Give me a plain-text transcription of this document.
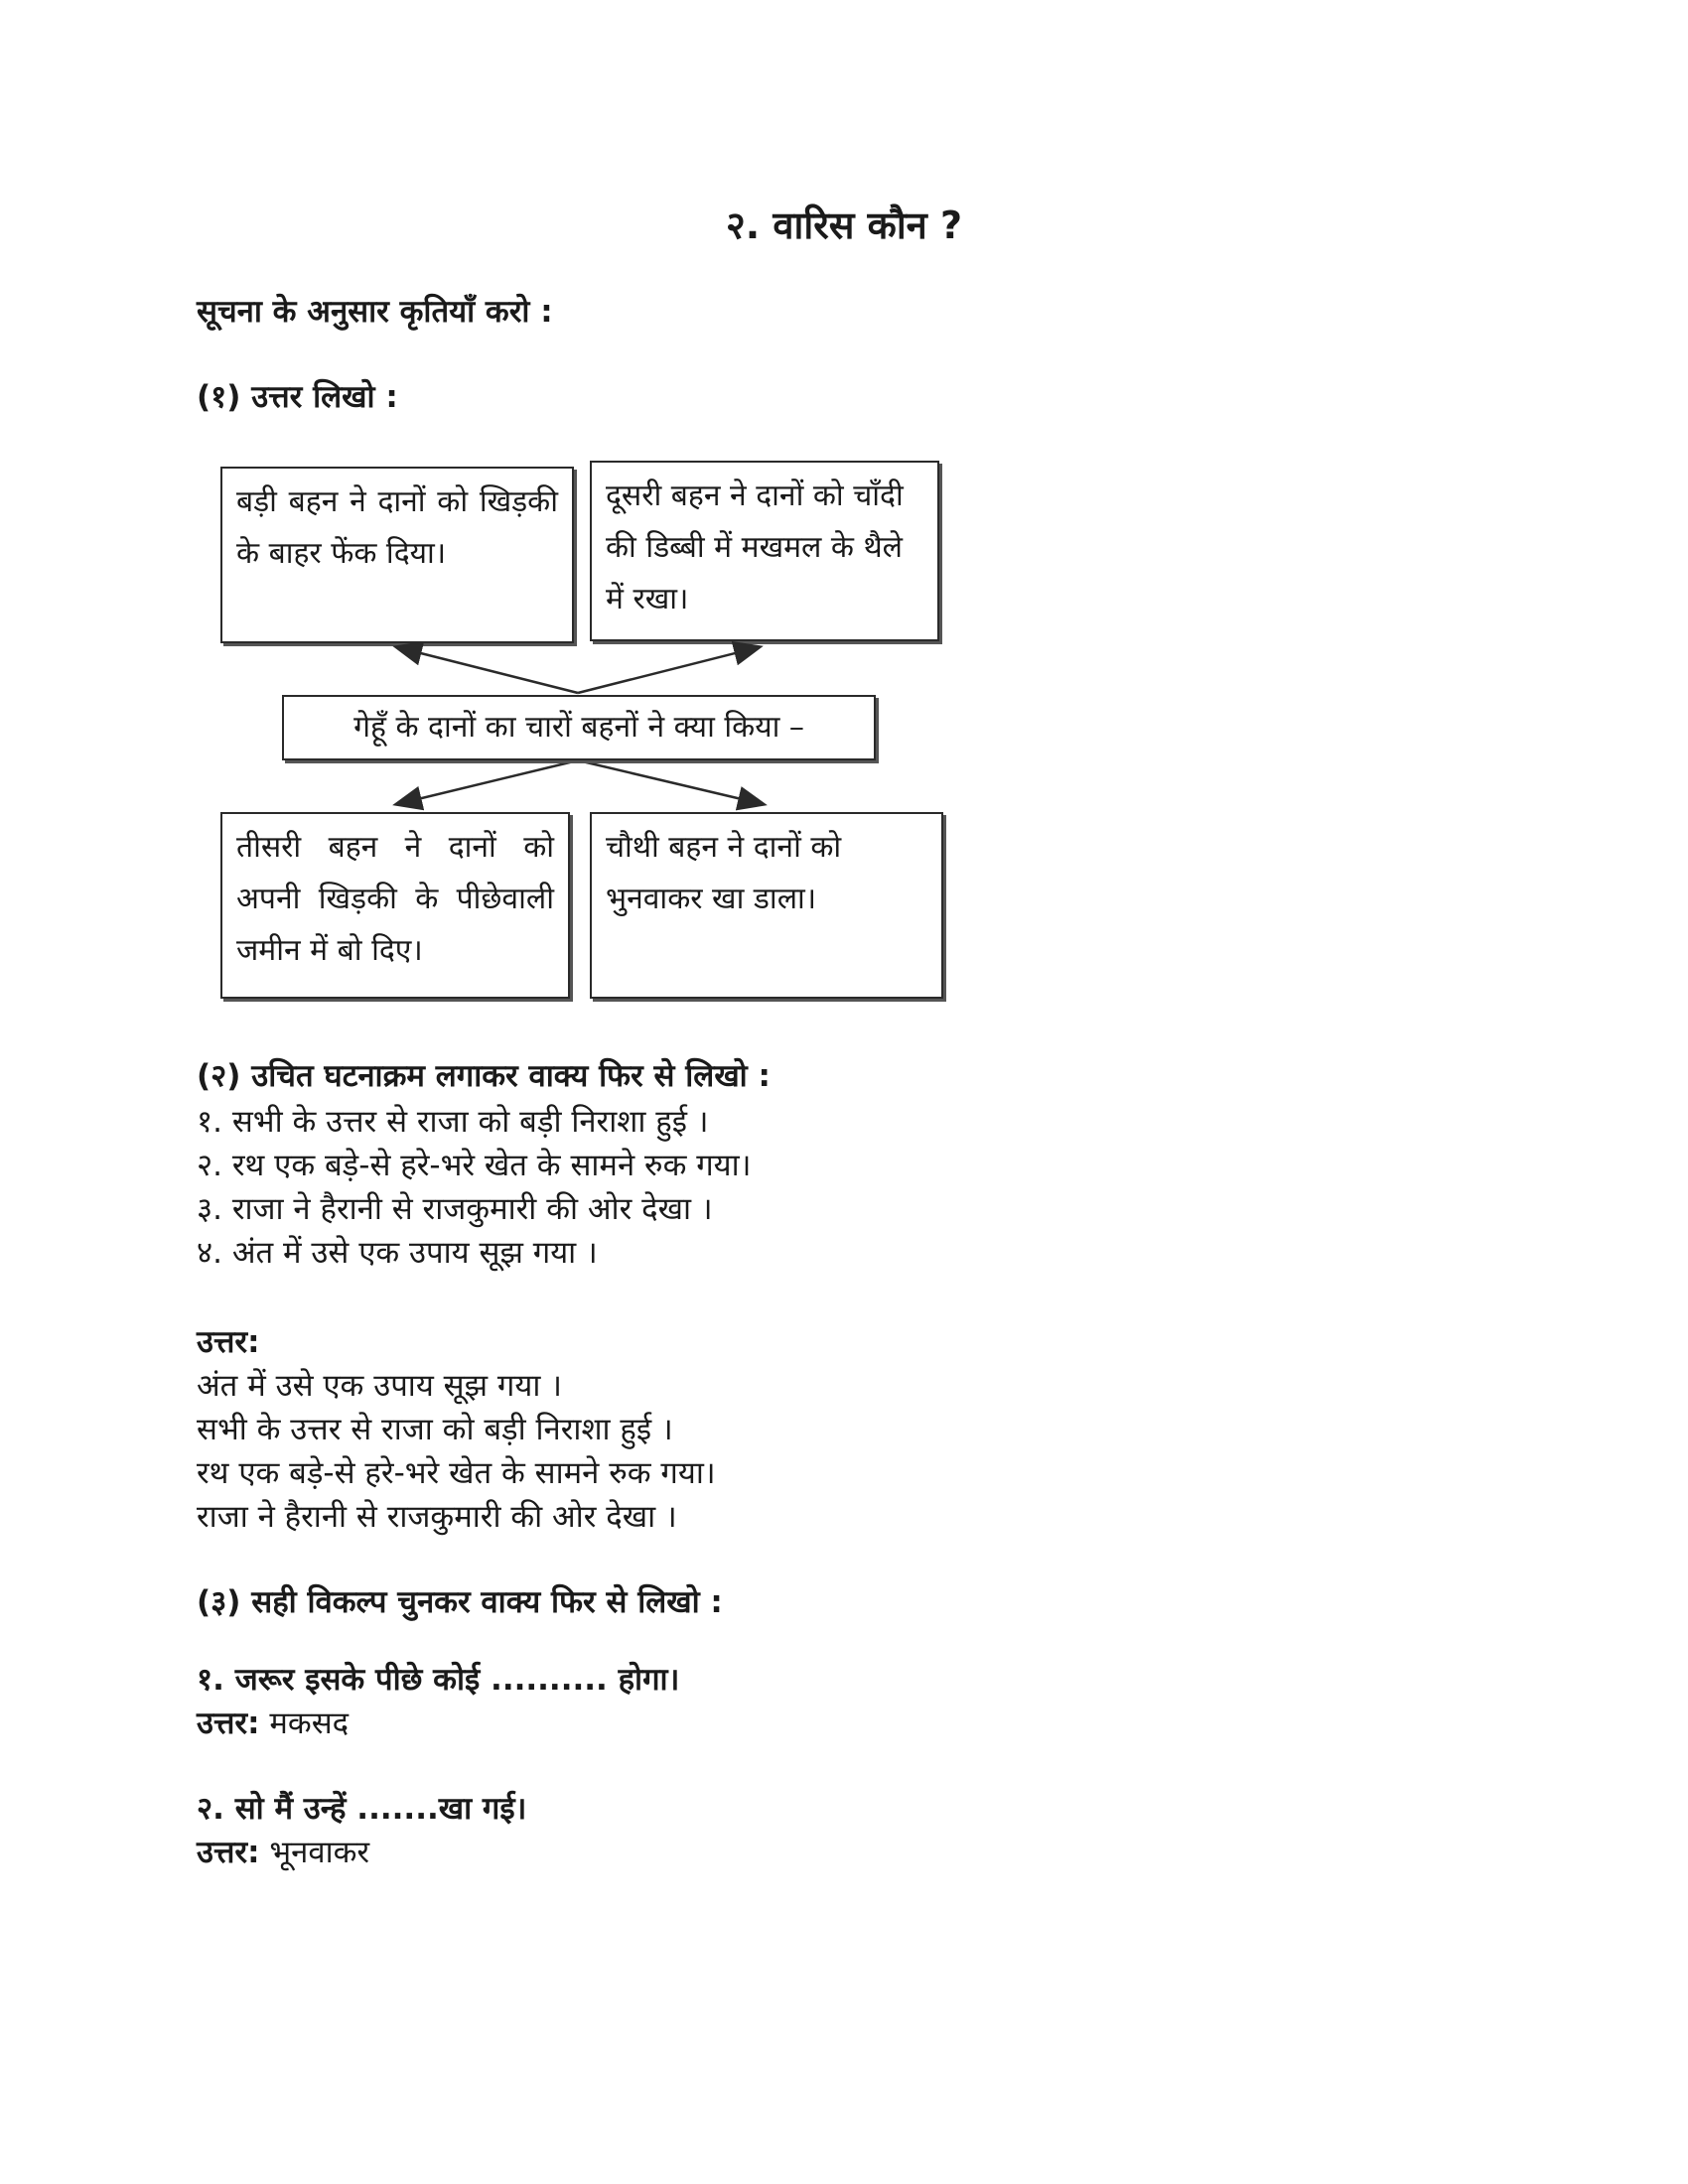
२. वारिस कौन ?
सूचना के अनुसार कृतियाँ करो :
(१) उत्तर लिखो :
बड़ी बहन ने दानों को खिड़की के बाहर फेंक दिया।
दूसरी बहन ने दानों को चाँदी की डिब्बी में मखमल के थैले में रखा।
गेहूँ के दानों का चारों बहनों ने क्या किया –
तीसरी बहन ने दानों को अपनी खिड़की के पीछेवाली जमीन में बो दिए।
चौथी बहन ने दानों को भुनवाकर खा डाला।
(२) उचित घटनाक्रम लगाकर वाक्य फिर से लिखो :
१. सभी के उत्तर से राजा को बड़ी निराशा हुई ।
२. रथ एक बड़े-से हरे-भरे खेत के सामने रुक गया।
३. राजा ने हैरानी से राजकुमारी की ओर देखा ।
४. अंत में उसे एक उपाय सूझ गया ।
उत्तर:
अंत में उसे एक उपाय सूझ गया ।
सभी के उत्तर से राजा को बड़ी निराशा हुई ।
रथ एक बड़े-से हरे-भरे खेत के सामने रुक गया।
राजा ने हैरानी से राजकुमारी की ओर देखा ।
(३) सही विकल्प चुनकर वाक्य फिर से लिखो :
१. जरूर इसके पीछे कोई .......... होगा।
उत्तर: मकसद
२. सो मैं उन्हें .......खा गई।
उत्तर: भूनवाकर
